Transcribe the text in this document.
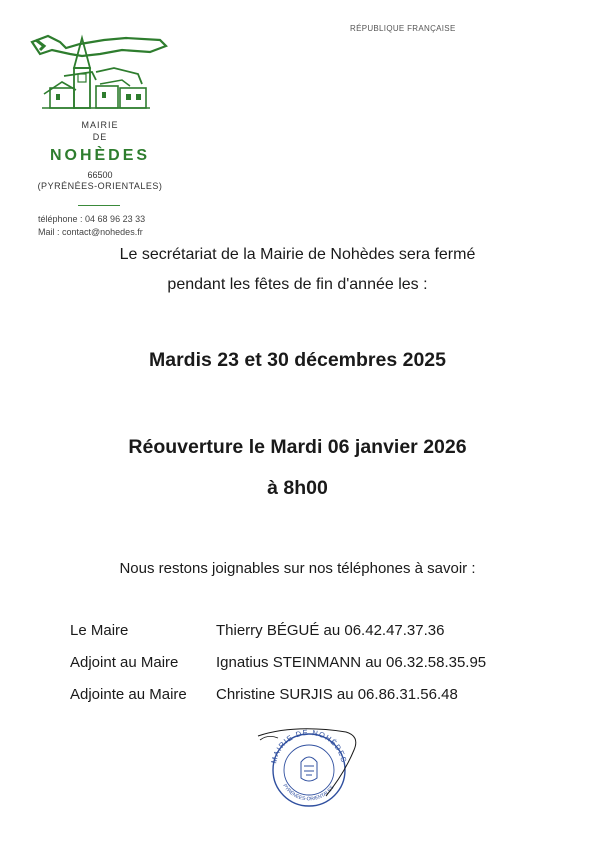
RÉPUBLIQUE FRANÇAISE
MAIRIE
DE
NOHÈDES
66500
(PYRÉNÉES-ORIENTALES)
téléphone : 04 68 96 23 33
Mail : contact@nohedes.fr
Le secrétariat de la Mairie de Nohèdes sera fermé
pendant les fêtes de fin d'année les :
Mardis 23 et 30 décembres 2025
Réouverture le Mardi 06 janvier 2026
à 8h00
Nous restons joignables sur nos téléphones à savoir :
Le Maire	Thierry BÉGUÉ au 06.42.47.37.36
Adjoint au Maire	Ignatius STEINMANN au 06.32.58.35.95
Adjointe au Maire Christine SURJIS au 06.86.31.56.48
MAIRIE DE NOHÈDES
PYRÉNÉES-ORIENTALES
